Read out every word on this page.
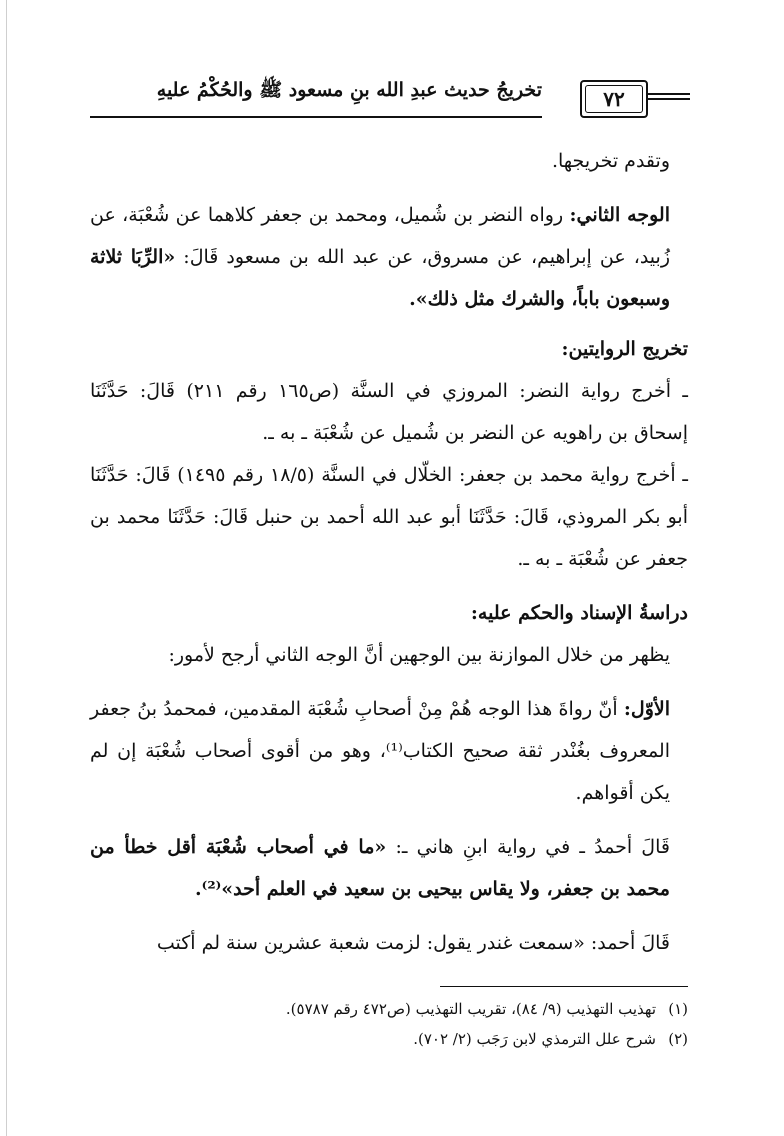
تخريجُ حديث عبدِ الله بنِ مسعود ﷺ والحُكْمُ عليهِ	٧٢

وتقدم تخريجها.

الوجه الثاني: رواه النضر بن شُميل، ومحمد بن جعفر كلاهما عن شُعْبَة، عن زُبيد، عن إبراهيم، عن مسروق، عن عبد الله بن مسعود قَالَ: «الرِّبَا ثلاثة وسبعون باباً، والشرك مثل ذلك».

تخريج الروايتين:

ـ أخرج رواية النضر: المروزي في السنَّة (ص١٦٥ رقم ٢١١) قَالَ: حَدَّثَنَا إسحاق بن راهويه عن النضر بن شُميل عن شُعْبَة ـ به ـ.

ـ أخرج رواية محمد بن جعفر: الخلّال في السنَّة (١٨/٥ رقم ١٤٩٥) قَالَ: حَدَّثَنَا أبو بكر المروذي، قَالَ: حَدَّثَنَا أبو عبد الله أحمد بن حنبل قَالَ: حَدَّثَنَا محمد بن جعفر عن شُعْبَة ـ به ـ.

دراسةُ الإسناد والحكم عليه:

يظهر من خلال الموازنة بين الوجهين أنَّ الوجه الثاني أرجح لأمور:

الأوّل: أنّ رواةَ هذا الوجه هُمْ مِنْ أصحابِ شُعْبَة المقدمين، فمحمدُ بنُ جعفر المعروف بغُنْدر ثقة صحيح الكتاب⁽¹⁾، وهو من أقوى أصحاب شُعْبَة إن لم يكن أقواهم.

قَالَ أحمدُ ـ في رواية ابنِ هاني ـ: «ما في أصحاب شُعْبَة أقل خطأ من محمد بن جعفر، ولا يقاس بيحيى بن سعيد في العلم أحد»⁽²⁾.

قَالَ أحمد: «سمعت غندر يقول: لزمت شعبة عشرين سنة لم أكتب

(١)تهذيب التهذيب (٩/ ٨٤)، تقريب التهذيب (ص٤٧٢ رقم ٥٧٨٧).
(٢)شرح علل الترمذي لابن رَجَب (٢/ ٧٠٢).
